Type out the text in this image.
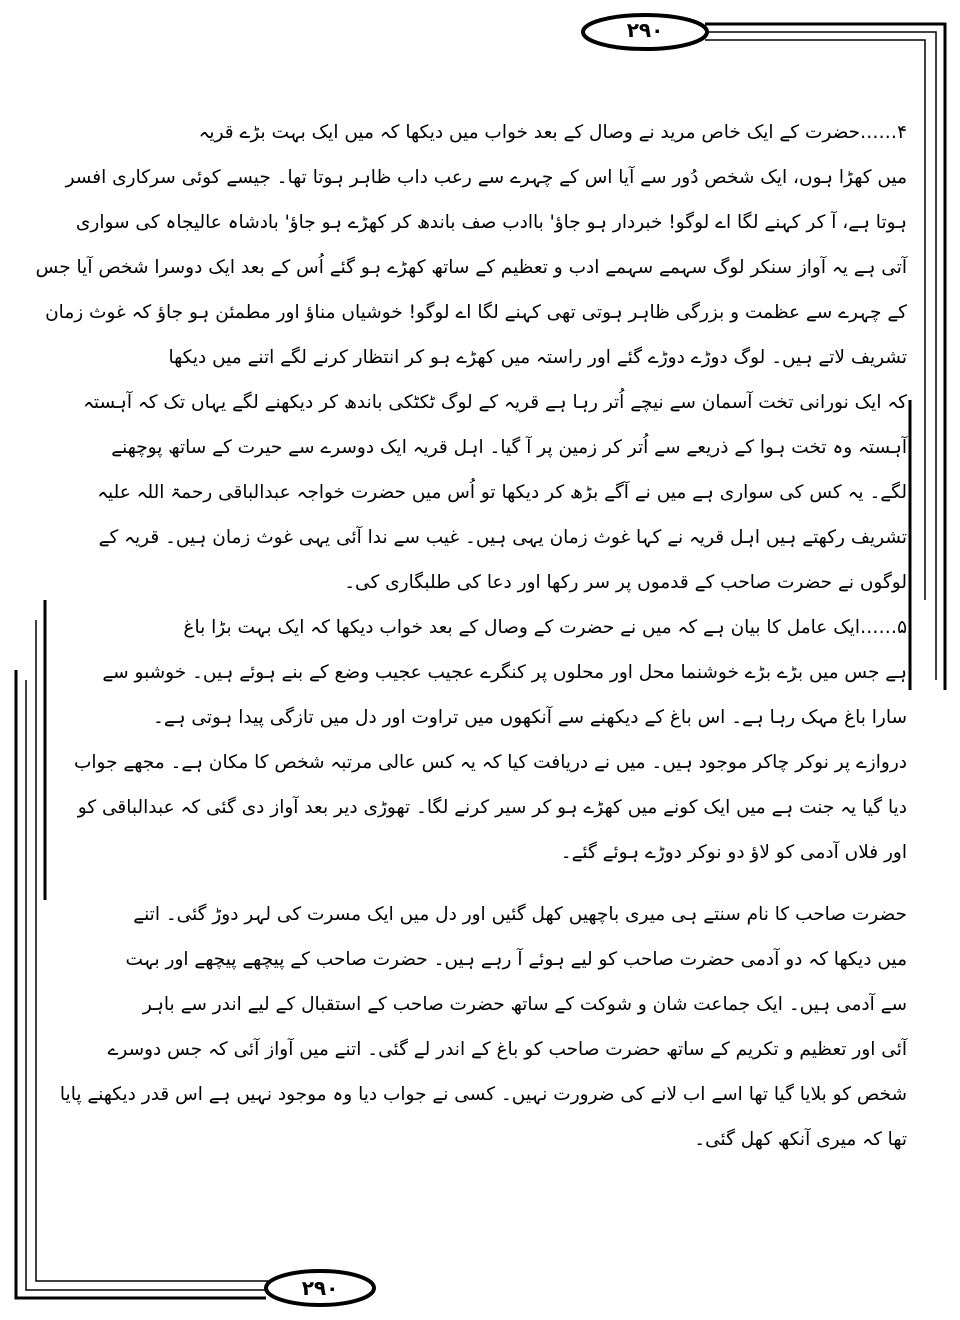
۲۹۰
۲۹۰
۴……حضرت کے ایک خاص مرید نے وصال کے بعد خواب میں دیکھا کہ میں ایک بہت بڑے قریہ
میں کھڑا ہوں، ایک شخص دُور سے آیا اس کے چہرے سے رعب داب ظاہر ہوتا تھا۔ جیسے کوئی سرکاری افسر
ہوتا ہے، آ کر کہنے لگا اے لوگو! خبردار ہو جاؤ' باادب صف باندھ کر کھڑے ہو جاؤ' بادشاہ عالیجاہ کی سواری
آتی ہے یہ آواز سنکر لوگ سہمے سہمے ادب و تعظیم کے ساتھ کھڑے ہو گئے اُس کے بعد ایک دوسرا شخص آیا جس
کے چہرے سے عظمت و بزرگی ظاہر ہوتی تھی کہنے لگا اے لوگو! خوشیاں مناؤ اور مطمئن ہو جاؤ کہ غوث زمان
تشریف لاتے ہیں۔ لوگ دوڑے دوڑے گئے اور راستہ میں کھڑے ہو کر انتظار کرنے لگے اتنے میں دیکھا
کہ ایک نورانی تخت آسمان سے نیچے اُتر رہا ہے قریہ کے لوگ ٹکٹکی باندھ کر دیکھنے لگے یہاں تک کہ آہستہ
آہستہ وہ تخت ہوا کے ذریعے سے اُتر کر زمین پر آ گیا۔ اہل قریہ ایک دوسرے سے حیرت کے ساتھ پوچھنے
لگے۔ یہ کس کی سواری ہے میں نے آگے بڑھ کر دیکھا تو اُس میں حضرت خواجہ عبدالباقی رحمۃ اللہ علیہ
تشریف رکھتے ہیں اہل قریہ نے کہا غوث زمان یہی ہیں۔ غیب سے ندا آئی یہی غوث زمان ہیں۔ قریہ کے
لوگوں نے حضرت صاحب کے قدموں پر سر رکھا اور دعا کی طلبگاری کی۔
۵……ایک عامل کا بیان ہے کہ میں نے حضرت کے وصال کے بعد خواب دیکھا کہ ایک بہت بڑا باغ
ہے جس میں بڑے بڑے خوشنما محل اور محلوں پر کنگرے عجیب عجیب وضع کے بنے ہوئے ہیں۔ خوشبو سے
سارا باغ مہک رہا ہے۔ اس باغ کے دیکھنے سے آنکھوں میں تراوت اور دل میں تازگی پیدا ہوتی ہے۔
دروازے پر نوکر چاکر موجود ہیں۔ میں نے دریافت کیا کہ یہ کس عالی مرتبہ شخص کا مکان ہے۔ مجھے جواب
دیا گیا یہ جنت ہے میں ایک کونے میں کھڑے ہو کر سیر کرنے لگا۔ تھوڑی دیر بعد آواز دی گئی کہ عبدالباقی کو
اور فلاں آدمی کو لاؤ دو نوکر دوڑے ہوئے گئے۔
حضرت صاحب کا نام سنتے ہی میری باچھیں کھل گئیں اور دل میں ایک مسرت کی لہر دوڑ گئی۔ اتنے
میں دیکھا کہ دو آدمی حضرت صاحب کو لیے ہوئے آ رہے ہیں۔ حضرت صاحب کے پیچھے پیچھے اور بہت
سے آدمی ہیں۔ ایک جماعت شان و شوکت کے ساتھ حضرت صاحب کے استقبال کے لیے اندر سے باہر
آئی اور تعظیم و تکریم کے ساتھ حضرت صاحب کو باغ کے اندر لے گئی۔ اتنے میں آواز آئی کہ جس دوسرے
شخص کو بلایا گیا تھا اسے اب لانے کی ضرورت نہیں۔ کسی نے جواب دیا وہ موجود نہیں ہے اس قدر دیکھنے پایا
تھا کہ میری آنکھ کھل گئی۔
